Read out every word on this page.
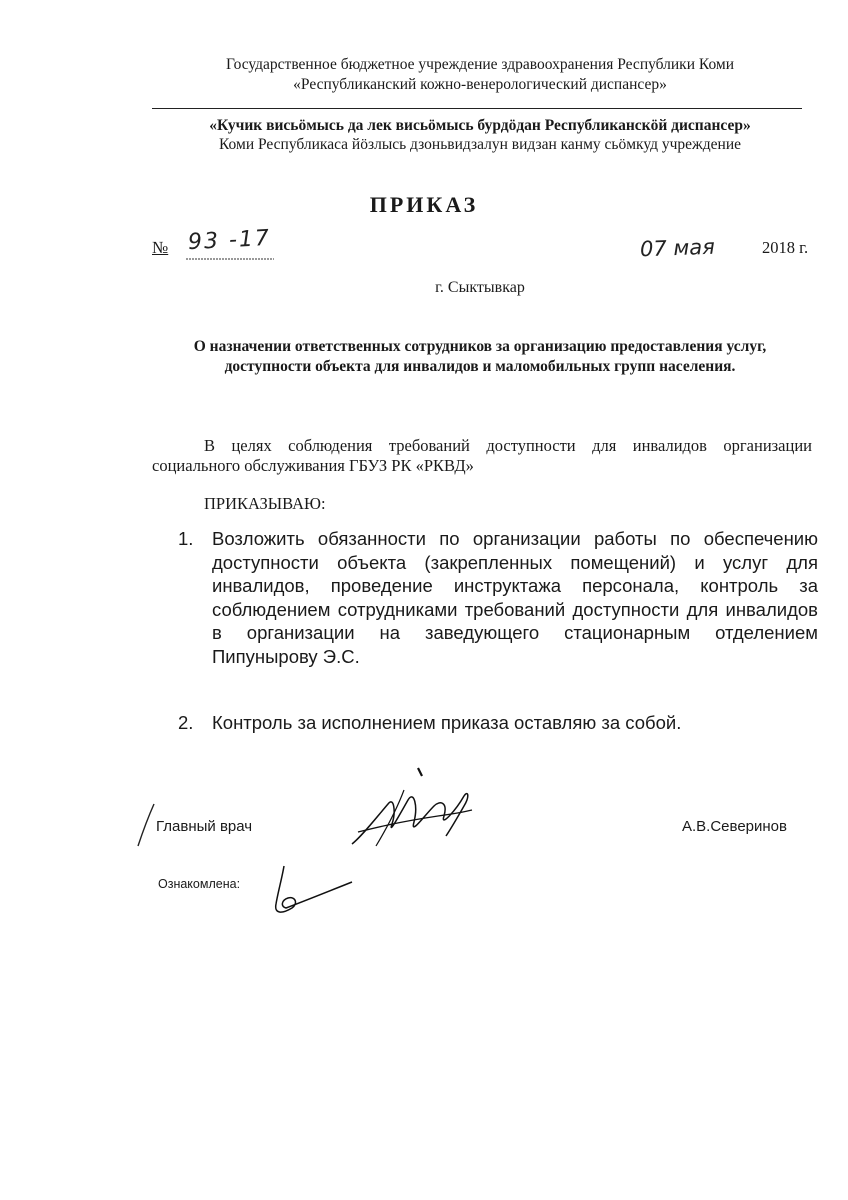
Государственное бюджетное учреждение здравоохранения Республики Коми
«Республиканский кожно-венерологический диспансер»
«Кучик висьӧмысь да лек висьӧмысь бурдӧдан Республиканскӧй диспансер»
Коми Республикаса йӧзлысь дзоньвидзалун видзан канму сьӧмкуд учреждение
ПРИКАЗ
№ 93 -17	07 мая	2018 г.
г. Сыктывкар
О назначении ответственных сотрудников за организацию предоставления услуг,
доступности объекта для инвалидов и маломобильных групп населения.
В целях соблюдения требований доступности для инвалидов организации социального обслуживания ГБУЗ РК «РКВД»
ПРИКАЗЫВАЮ:
1. Возложить обязанности по организации работы по обеспечению доступности объекта (закрепленных помещений) и услуг для инвалидов, проведение инструктажа персонала, контроль за соблюдением сотрудниками требований доступности для инвалидов в организации на заведующего стационарным отделением Пипунырову Э.С.
2. Контроль за исполнением приказа оставляю за собой.
Главный врач	А.В.Северинов
Ознакомлена:
